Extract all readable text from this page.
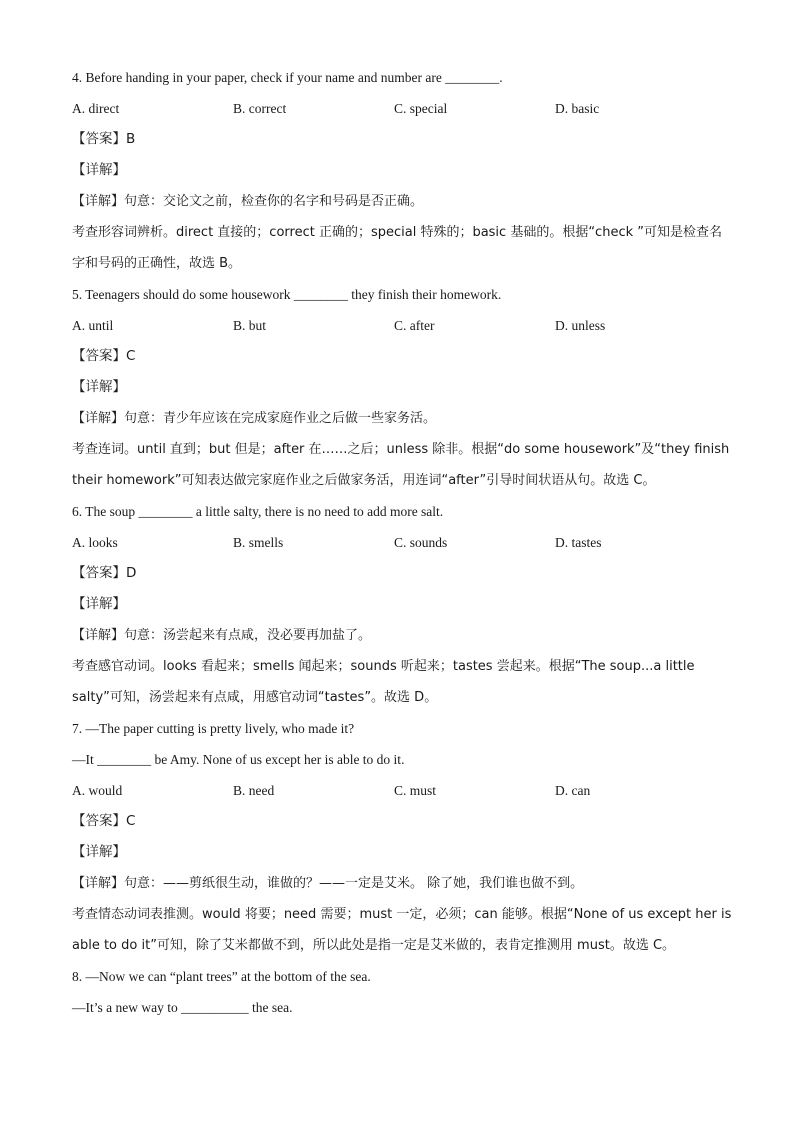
4. Before handing in your paper, check if your name and number are ________.
A. direct	B. correct	C. special	D. basic
【答案】B
【详解】
【详解】句意：交论文之前，检查你的名字和号码是否正确。
考查形容词辨析。direct 直接的；correct 正确的；special 特殊的；basic 基础的。根据“check ”可知是检查名字和号码的正确性，故选 B。
5. Teenagers should do some housework ________ they finish their homework.
A. until	B. but	C. after	D. unless
【答案】C
【详解】
【详解】句意：青少年应该在完成家庭作业之后做一些家务活。
考查连词。until 直到；but 但是；after 在……之后；unless 除非。根据“do some housework”及“they finish their homework”可知表达做完家庭作业之后做家务活，用连词“after”引导时间状语从句。故选 C。
6. The soup ________ a little salty, there is no need to add more salt.
A. looks	B. smells	C. sounds	D. tastes
【答案】D
【详解】
【详解】句意：汤尝起来有点咸，没必要再加盐了。
考查感官动词。looks 看起来；smells 闻起来；sounds 听起来；tastes 尝起来。根据“The soup...a little salty”可知，汤尝起来有点咸，用感官动词“tastes”。故选 D。
7. —The paper cutting is pretty lively, who made it?
—It ________ be Amy. None of us except her is able to do it.
A. would	B. need	C. must	D. can
【答案】C
【详解】
【详解】句意：——剪纸很生动，谁做的？——一定是艾米。 除了她，我们谁也做不到。
考查情态动词表推测。would 将要；need 需要；must 一定，必须；can 能够。根据“None of us except her is able to do it”可知，除了艾米都做不到，所以此处是指一定是艾米做的，表肯定推测用 must。故选 C。
8. —Now we can “plant trees” at the bottom of the sea.
—It’s a new way to __________ the sea.
